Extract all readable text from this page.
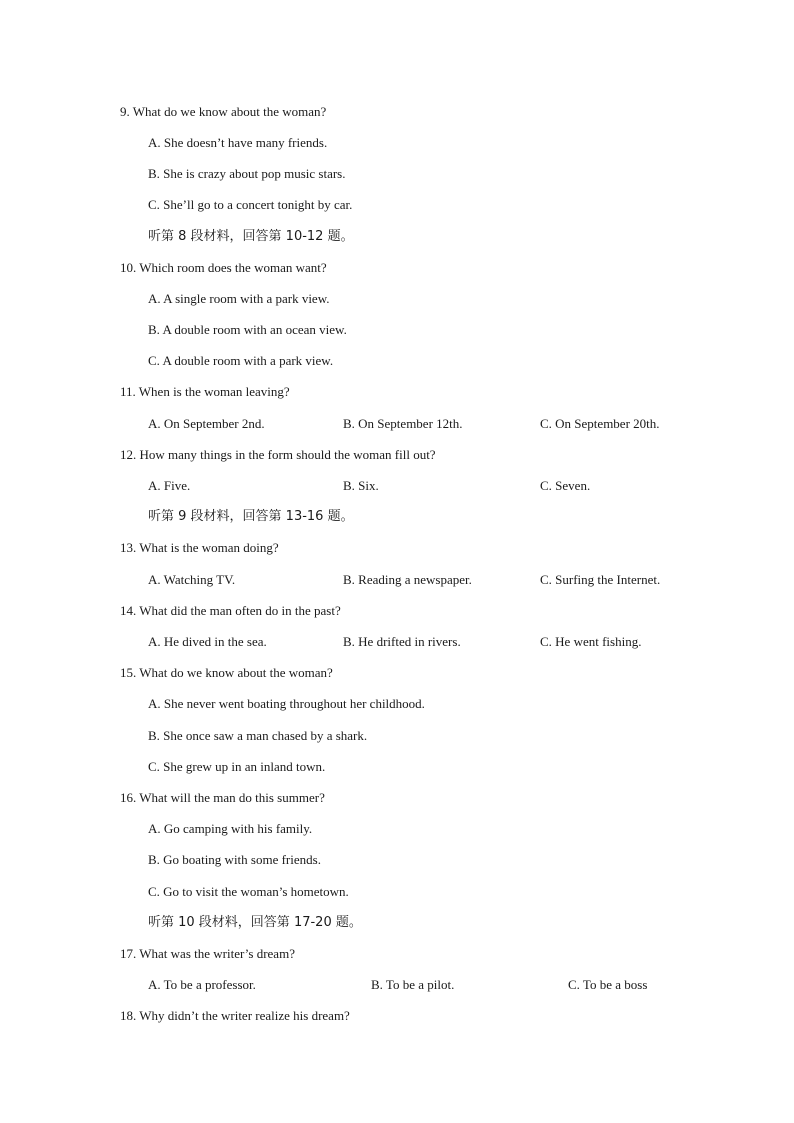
9. What do we know about the woman?
A. She doesn’t have many friends.
B. She is crazy about pop music stars.
C. She’ll go to a concert tonight by car.
听第 8 段材料，回答第 10-12 题。
10. Which room does the woman want?
A. A single room with a park view.
B. A double room with an ocean view.
C. A double room with a park view.
11. When is the woman leaving?
A. On September 2nd.	B. On September 12th.	C. On September 20th.
12. How many things in the form should the woman fill out?
A. Five.	B. Six.	C. Seven.
听第 9 段材料，回答第 13-16 题。
13. What is the woman doing?
A. Watching TV.	B. Reading a newspaper.	C. Surfing the Internet.
14. What did the man often do in the past?
A. He dived in the sea.	B. He drifted in rivers.	C. He went fishing.
15. What do we know about the woman?
A. She never went boating throughout her childhood.
B. She once saw a man chased by a shark.
C. She grew up in an inland town.
16. What will the man do this summer?
A. Go camping with his family.
B. Go boating with some friends.
C. Go to visit the woman’s hometown.
听第 10 段材料，回答第 17-20 题。
17. What was the writer’s dream?
A. To be a professor.	B. To be a pilot.	C. To be a boss
18. Why didn’t the writer realize his dream?
